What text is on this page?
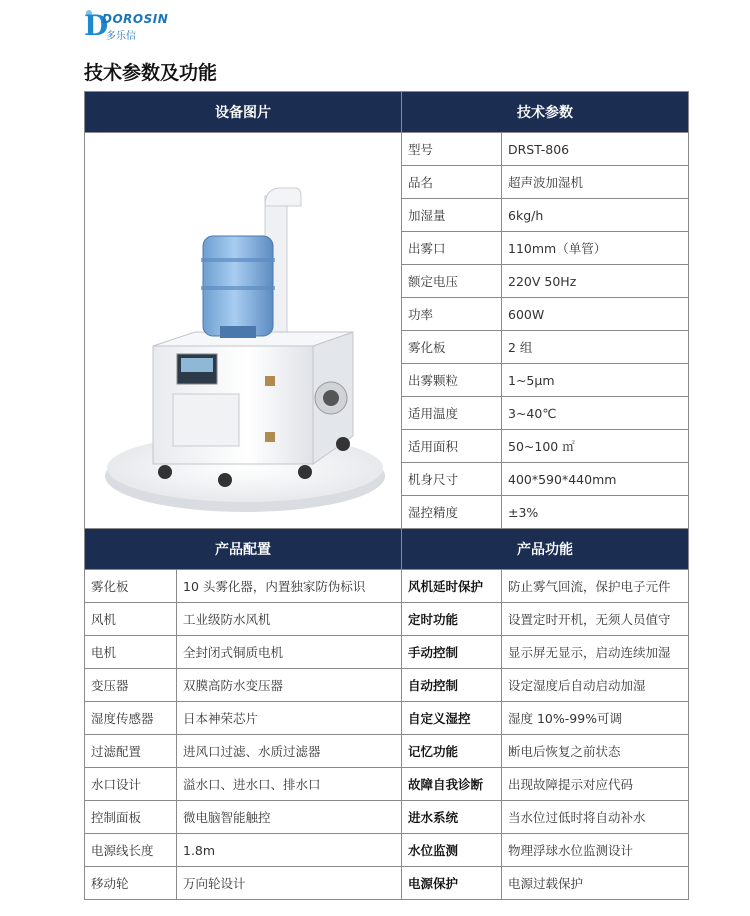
D
DOROSIN
多乐信
技术参数及功能
设备图片		技术参数	

	型号	DRST-806
		品名	超声波加湿机
		加湿量	6kg/h
		出雾口	110mm（单管）
		额定电压	220V 50Hz
		功率	600W
		雾化板	2 组
		出雾颗粒	1~5μm
		适用温度	3~40℃
		适用面积	50~100 ㎡
		机身尺寸	400*590*440mm
		湿控精度	±3%
产品配置		产品功能	
雾化板	10 头雾化器，内置独家防伪标识	风机延时保护	防止雾气回流，保护电子元件
风机	工业级防水风机	定时功能	设置定时开机，无须人员值守
电机	全封闭式铜质电机	手动控制	显示屏无显示，启动连续加湿
变压器	双膜高防水变压器	自动控制	设定湿度后自动启动加湿
湿度传感器	日本神荣芯片	自定义湿控	湿度 10%-99%可调
过滤配置	进风口过滤、水质过滤器	记忆功能	断电后恢复之前状态
水口设计	溢水口、进水口、排水口	故障自我诊断	出现故障提示对应代码
控制面板	微电脑智能触控	进水系统	当水位过低时将自动补水
电源线长度	1.8m	水位监测	物理浮球水位监测设计
移动轮	万向轮设计	电源保护	电源过载保护
